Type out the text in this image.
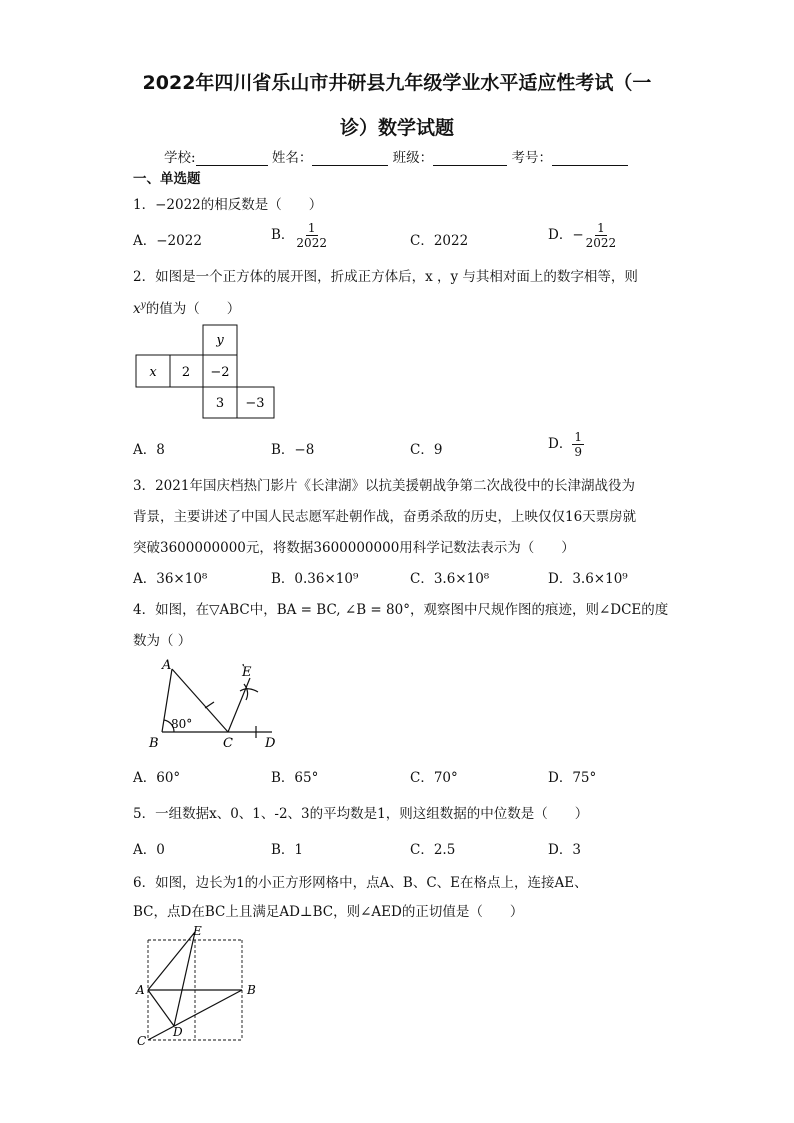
2022年四川省乐山市井研县九年级学业水平适应性考试（一
诊）数学试题
学校:	姓名：	班级：	考号：
一、单选题
1．−2022的相反数是（　　）
A．−2022	B． $\frac{1}{2022}$	C．2022	D．− $\frac{1}{2022}$
2．如图是一个正方体的展开图，折成正方体后，x ，y 与其相对面上的数字相等，则
$x^y$的值为（　　）
y
x 2 −2
3 −3
A．8	B．−8	C．9	D． $\frac{1}{9}$
3．2021年国庆档热门影片《长津湖》以抗美援朝战争第二次战役中的长津湖战役为
背景，主要讲述了中国人民志愿军赴朝作战，奋勇杀敌的历史，上映仅仅16天票房就
突破3600000000元，将数据3600000000用科学记数法表示为（　　）
A．36×10⁸	B．0.36×10⁹	C．3.6×10⁸	D．3.6×10⁹
4．如图，在▽ABC中，BA = BC, ∠B = 80°，观察图中尺规作图的痕迹，则∠DCE的度
数为（ ）
A
B	C D
E
80°
A．60°	B．65°	C．70°	D．75°
5．一组数据x、0、1、-2、3的平均数是1，则这组数据的中位数是（　　）
A．0	B．1	C．2.5	D．3
6．如图，边长为1的小正方形网格中，点A、B、C、E在格点上，连接AE、
BC，点D在BC上且满足AD⊥BC，则∠AED的正切值是（　　）
E
A	B
C
D
